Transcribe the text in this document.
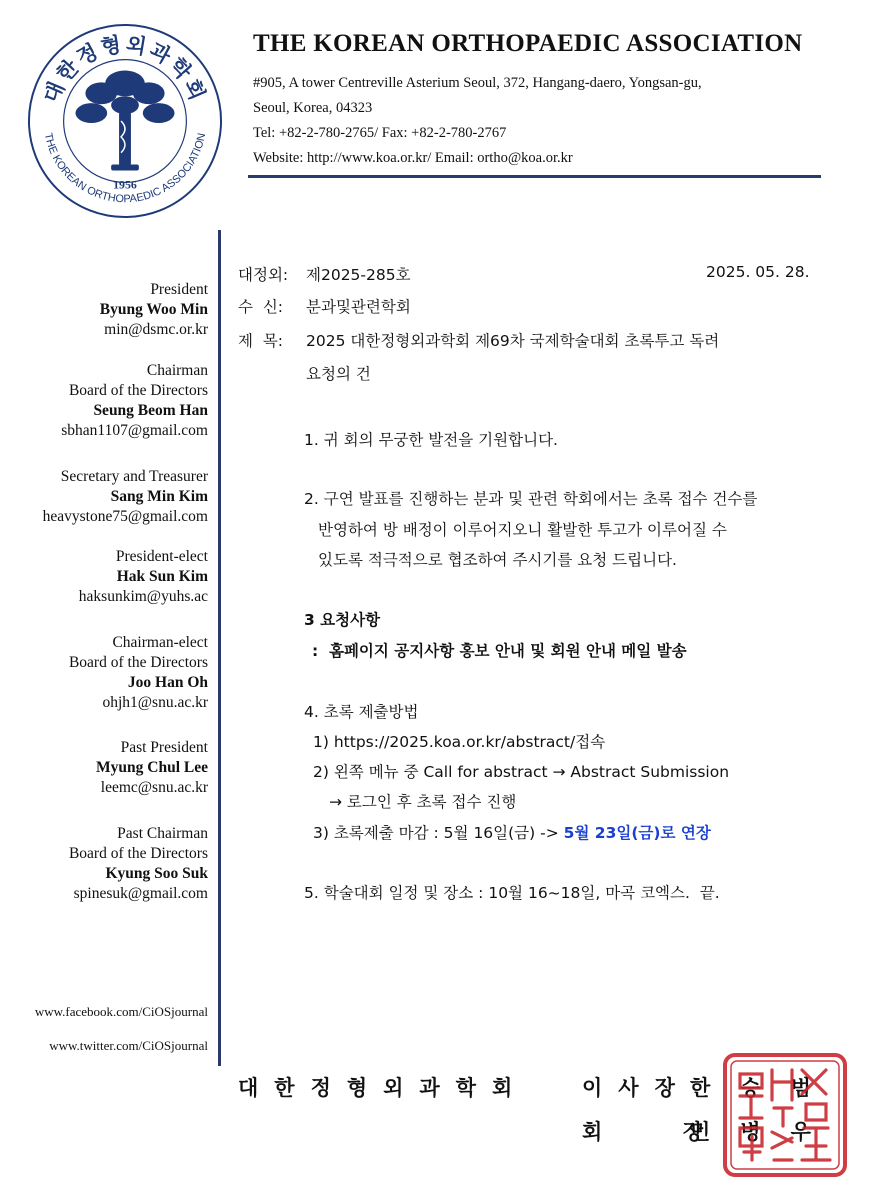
대한정형외과학회
THE KOREAN ORTHOPAEDIC ASSOCIATION
1956
THE KOREAN ORTHOPAEDIC ASSOCIATION
#905, A tower Centreville Asterium Seoul, 372, Hangang-daero, Yongsan-gu,
Seoul, Korea, 04323
Tel: +82-2-780-2765/ Fax: +82-2-780-2767
Website: http://www.koa.or.kr/ Email: ortho@koa.or.kr
President
Byung Woo Min
min@dsmc.or.kr
Chairman
Board of the Directors
Seung Beom Han
sbhan1107@gmail.com
Secretary and Treasurer
Sang Min Kim
heavystone75@gmail.com
President-elect
Hak Sun Kim
haksunkim@yuhs.ac
Chairman-elect
Board of the Directors
Joo Han Oh
ohjh1@snu.ac.kr
Past President
Myung Chul Lee
leemc@snu.ac.kr
Past Chairman
Board of the Directors
Kyung Soo Suk
spinesuk@gmail.com
www.facebook.com/CiOSjournal
www.twitter.com/CiOSjournal
대정외: 제2025-285호	2025. 05. 28.
수  신: 분과및관련학회
제  목: 2025 대한정형외과학회 제69차 국제학술대회 초록투고 독려
요청의 건
1. 귀 회의 무궁한 발전을 기원합니다.
2. 구연 발표를 진행하는 분과 및 관련 학회에서는 초록 접수 건수를
반영하여 방 배정이 이루어지오니 활발한 투고가 이루어질 수
있도록 적극적으로 협조하여 주시기를 요청 드립니다.
3 요청사항
:  홈페이지 공지사항 홍보 안내 및 회원 안내 메일 발송
4. 초록 제출방법
1) https://2025.koa.or.kr/abstract/접속
2) 왼쪽 메뉴 중 Call for abstract → Abstract Submission
→ 로그인 후 초록 접수 진행
3) 초록제출 마감 : 5월 16일(금) -> 5월 23일(금)로 연장
5. 학술대회 일정 및 장소 : 10월 16~18일, 마곡 코엑스.  끝.
대한정형외과학회	이사장 한승범
회  장
민병우
